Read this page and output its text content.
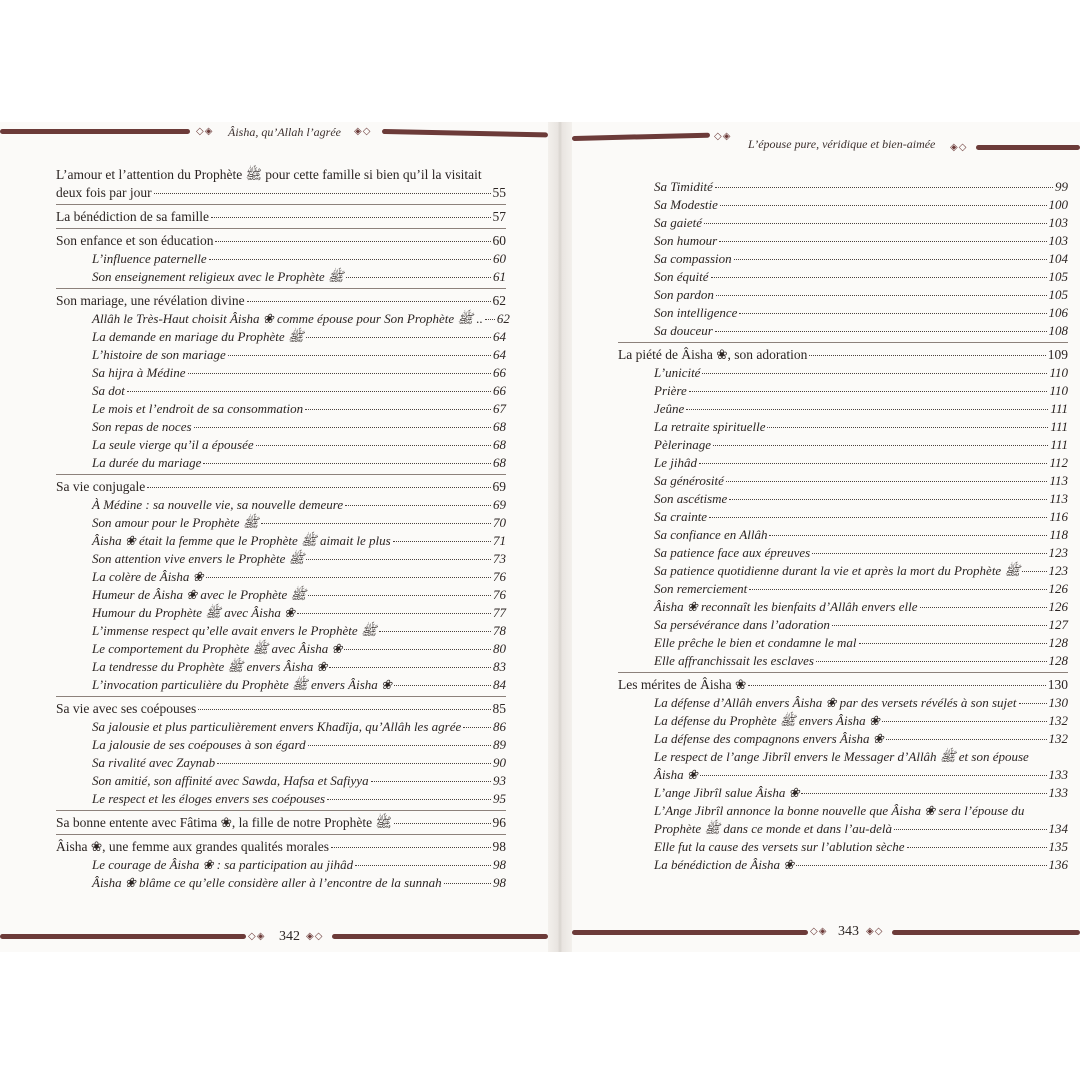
◇◈ Âisha, qu’Allah l’agrée ◈◇
L’amour et l’attention du Prophète ﷺ pour cette famille si bien qu’il la visitait
deux fois par jour	55
La bénédiction de sa famille	57
Son enfance et son éducation	60
L’influence paternelle	60
Son enseignement religieux avec le Prophète ﷺ	61
Son mariage, une révélation divine	62
Allâh le Très-Haut choisit Âisha ❀ comme épouse pour Son Prophète ﷺ .. 62
La demande en mariage du Prophète ﷺ	64
L’histoire de son mariage	64
Sa hijra à Médine	66
Sa dot	66
Le mois et l’endroit de sa consommation	67
Son repas de noces	68
La seule vierge qu’il a épousée	68
La durée du mariage	68
Sa vie conjugale	69
À Médine : sa nouvelle vie, sa nouvelle demeure	69
Son amour pour le Prophète ﷺ	70
Âisha ❀ était la femme que le Prophète ﷺ aimait le plus	71
Son attention vive envers le Prophète ﷺ	73
La colère de Âisha ❀	76
Humeur de Âisha ❀ avec le Prophète ﷺ	76
Humour du Prophète ﷺ avec Âisha ❀	77
L’immense respect qu’elle avait envers le Prophète ﷺ	78
Le comportement du Prophète ﷺ avec Âisha ❀	80
La tendresse du Prophète ﷺ envers Âisha ❀	83
L’invocation particulière du Prophète ﷺ envers Âisha ❀	84
Sa vie avec ses coépouses	85
Sa jalousie et plus particulièrement envers Khadîja, qu’Allâh les agrée 86
La jalousie de ses coépouses à son égard	89
Sa rivalité avec Zaynab	90
Son amitié, son affinité avec Sawda, Hafsa et Safiyya	93
Le respect et les éloges envers ses coépouses	95
Sa bonne entente avec Fâtima ❀, la fille de notre Prophète ﷺ	96
Âisha ❀, une femme aux grandes qualités morales	98
Le courage de Âisha ❀ : sa participation au jihâd	98
Âisha ❀ blâme ce qu’elle considère aller à l’encontre de la sunnah	98
◇◈ 342 ◈◇
◇◈
L’épouse pure, véridique et bien-aimée ◈◇
Sa Timidité	99
Sa Modestie	100
Sa gaieté	103
Son humour	103
Sa compassion	104
Son équité	105
Son pardon	105
Son intelligence	106
Sa douceur	108
La piété de Âisha ❀, son adoration	109
L’unicité	110
Prière	110
Jeûne	111
La retraite spirituelle	111
Pèlerinage	111
Le jihâd	112
Sa générosité	113
Son ascétisme	113
Sa crainte	116
Sa confiance en Allâh	118
Sa patience face aux épreuves	123
Sa patience quotidienne durant la vie et après la mort du Prophète ﷺ 123
Son remerciement	126
Âisha ❀ reconnaît les bienfaits d’Allâh envers elle	126
Sa persévérance dans l’adoration	127
Elle prêche le bien et condamne le mal	128
Elle affranchissait les esclaves	128
Les mérites de Âisha ❀	130
La défense d’Allâh envers Âisha ❀ par des versets révélés à son sujet 130
La défense du Prophète ﷺ envers Âisha ❀	132
La défense des compagnons envers Âisha ❀	132
Le respect de l’ange Jibrîl envers le Messager d’Allâh ﷺ et son épouse
Âisha ❀	133
L’ange Jibrîl salue Âisha ❀	133
L’Ange Jibrîl annonce la bonne nouvelle que Âisha ❀ sera l’épouse du
Prophète ﷺ dans ce monde et dans l’au-delà	134
Elle fut la cause des versets sur l’ablution sèche	135
La bénédiction de Âisha ❀	136
◇◈ 343 ◈◇
